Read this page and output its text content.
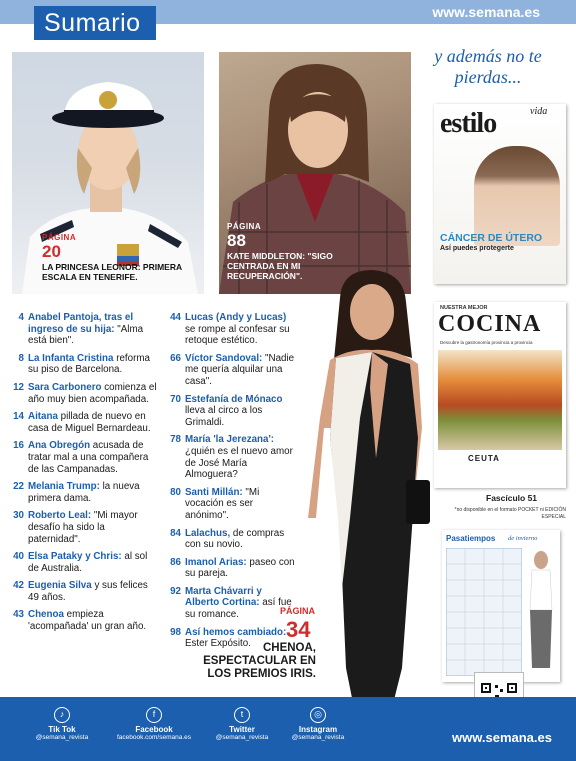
Sumario	www.semana.es
PÁGINA
20
LA PRINCESA LEONOR: PRIMERA ESCALA EN TENERIFE.
PÁGINA
88
KATE MIDDLETON: "SIGO CENTRADA EN MI RECUPERACIÓN".
4 Anabel Pantoja, tras el ingreso de su hija: "Alma está bien".
8 La Infanta Cristina reforma su piso de Barcelona.
12 Sara Carbonero comienza el año muy bien acompañada.
14 Aitana pillada de nuevo en casa de Miguel Bernardeau.
16 Ana Obregón acusada de tratar mal a una compañera de las Campanadas.
22 Melania Trump: la nueva primera dama.
30 Roberto Leal: "Mi mayor desafío ha sido la paternidad".
40 Elsa Pataky y Chris: al sol de Australia.
42 Eugenia Silva y sus felices 49 años.
43 Chenoa empieza 'acompañada' un gran año.
44 Lucas (Andy y Lucas) se rompe al confesar su retoque estético.
66 Víctor Sandoval: "Nadie me quería alquilar una casa".
70 Estefanía de Mónaco lleva al circo a los Grimaldi.
78 María 'la Jerezana': ¿quién es el nuevo amor de José María Almoguera?
80 Santi Millán: "Mi vocación es ser anónimo".
84 Lalachus, de compras con su novio.
86 Imanol Arias: paseo con su pareja.
92 Marta Chávarri y Alberto Cortina: así fue su romance.
98 Así hemos cambiado: Ester Expósito.
PÁGINA
34
CHENOA, ESPECTACULAR EN LOS PREMIOS IRIS.
y además no te pierdas...
estilo	vida
CÁNCER DE ÚTERO
Así puedes protegerte
NUESTRA MEJOR
COCINA
Descubre la gastronomía provincia a provincia
CEUTA
Fascículo 51
*no disponible en el formato POCKET ni EDICIÓN ESPECIAL
Pasatiempos de invierno
♪
Tik Tok
@semana_revista
f
Facebook
facebook.com/semana.es
t
Twitter
@semana_revista
◎
Instagram
@semana_revista	www.semana.es
